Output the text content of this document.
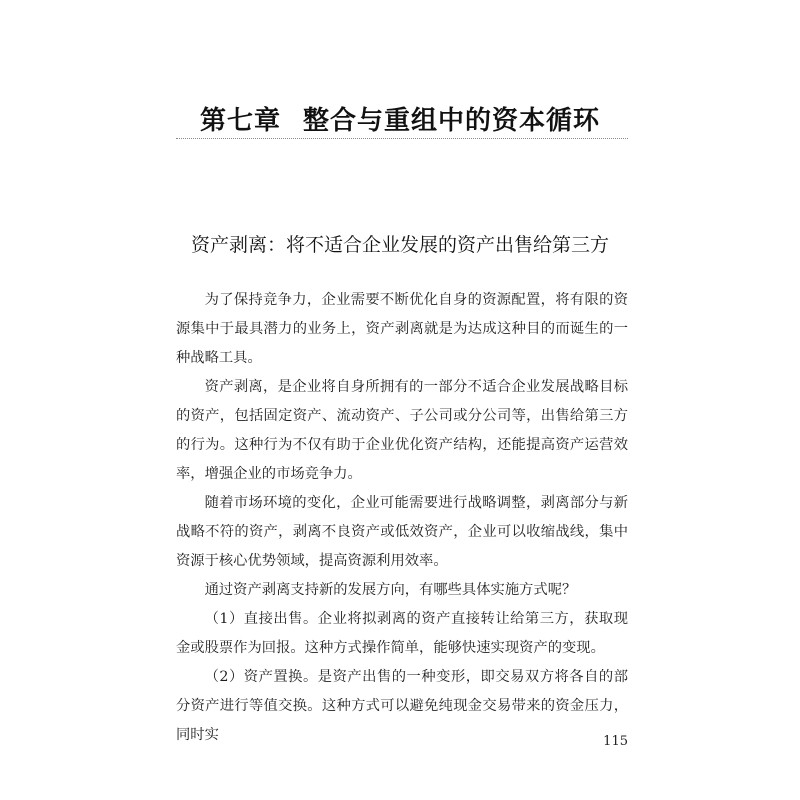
第七章 整合与重组中的资本循环
资产剥离：将不适合企业发展的资产出售给第三方

为了保持竞争力，企业需要不断优化自身的资源配置，将有限的资源集中于最具潜力的业务上，资产剥离就是为达成这种目的而诞生的一种战略工具。

资产剥离，是企业将自身所拥有的一部分不适合企业发展战略目标的资产，包括固定资产、流动资产、子公司或分公司等，出售给第三方的行为。这种行为不仅有助于企业优化资产结构，还能提高资产运营效率，增强企业的市场竞争力。

随着市场环境的变化，企业可能需要进行战略调整，剥离部分与新战略不符的资产，剥离不良资产或低效资产，企业可以收缩战线，集中资源于核心优势领域，提高资源利用效率。

通过资产剥离支持新的发展方向，有哪些具体实施方式呢？

（1）直接出售。企业将拟剥离的资产直接转让给第三方，获取现金或股票作为回报。这种方式操作简单，能够快速实现资产的变现。

（2）资产置换。是资产出售的一种变形，即交易双方将各自的部分资产进行等值交换。这种方式可以避免纯现金交易带来的资金压力，同时实	115
